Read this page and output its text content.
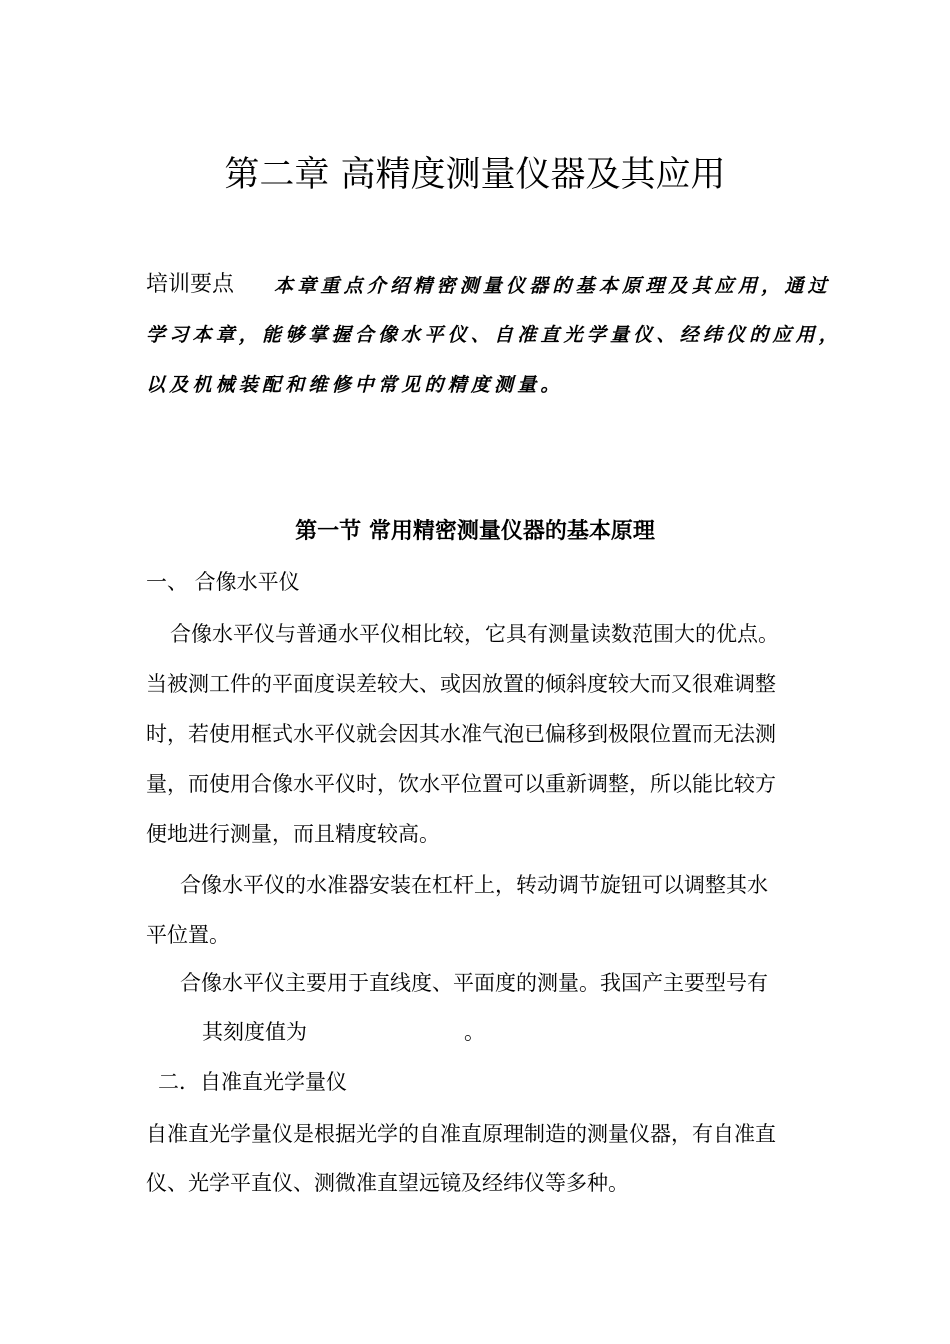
第二章 高精度测量仪器及其应用
培训要点 本章重点介绍精密测量仪器的基本原理及其应用，通过
学习本章，能够掌握合像水平仪、自准直光学量仪、经纬仪的应用，
以及机械装配和维修中常见的精度测量。
第一节 常用精密测量仪器的基本原理
一、 合像水平仪
合像水平仪与普通水平仪相比较，它具有测量读数范围大的优点。
当被测工件的平面度误差较大、或因放置的倾斜度较大而又很难调整
时，若使用框式水平仪就会因其水准气泡已偏移到极限位置而无法测
量，而使用合像水平仪时，饮水平位置可以重新调整，所以能比较方
便地进行测量，而且精度较高。
合像水平仪的水准器安装在杠杆上，转动调节旋钮可以调整其水
平位置。
合像水平仪主要用于直线度、平面度的测量。我国产主要型号有
其刻度值为	。
二．自准直光学量仪
自准直光学量仪是根据光学的自准直原理制造的测量仪器，有自准直
仪、光学平直仪、测微准直望远镜及经纬仪等多种。
